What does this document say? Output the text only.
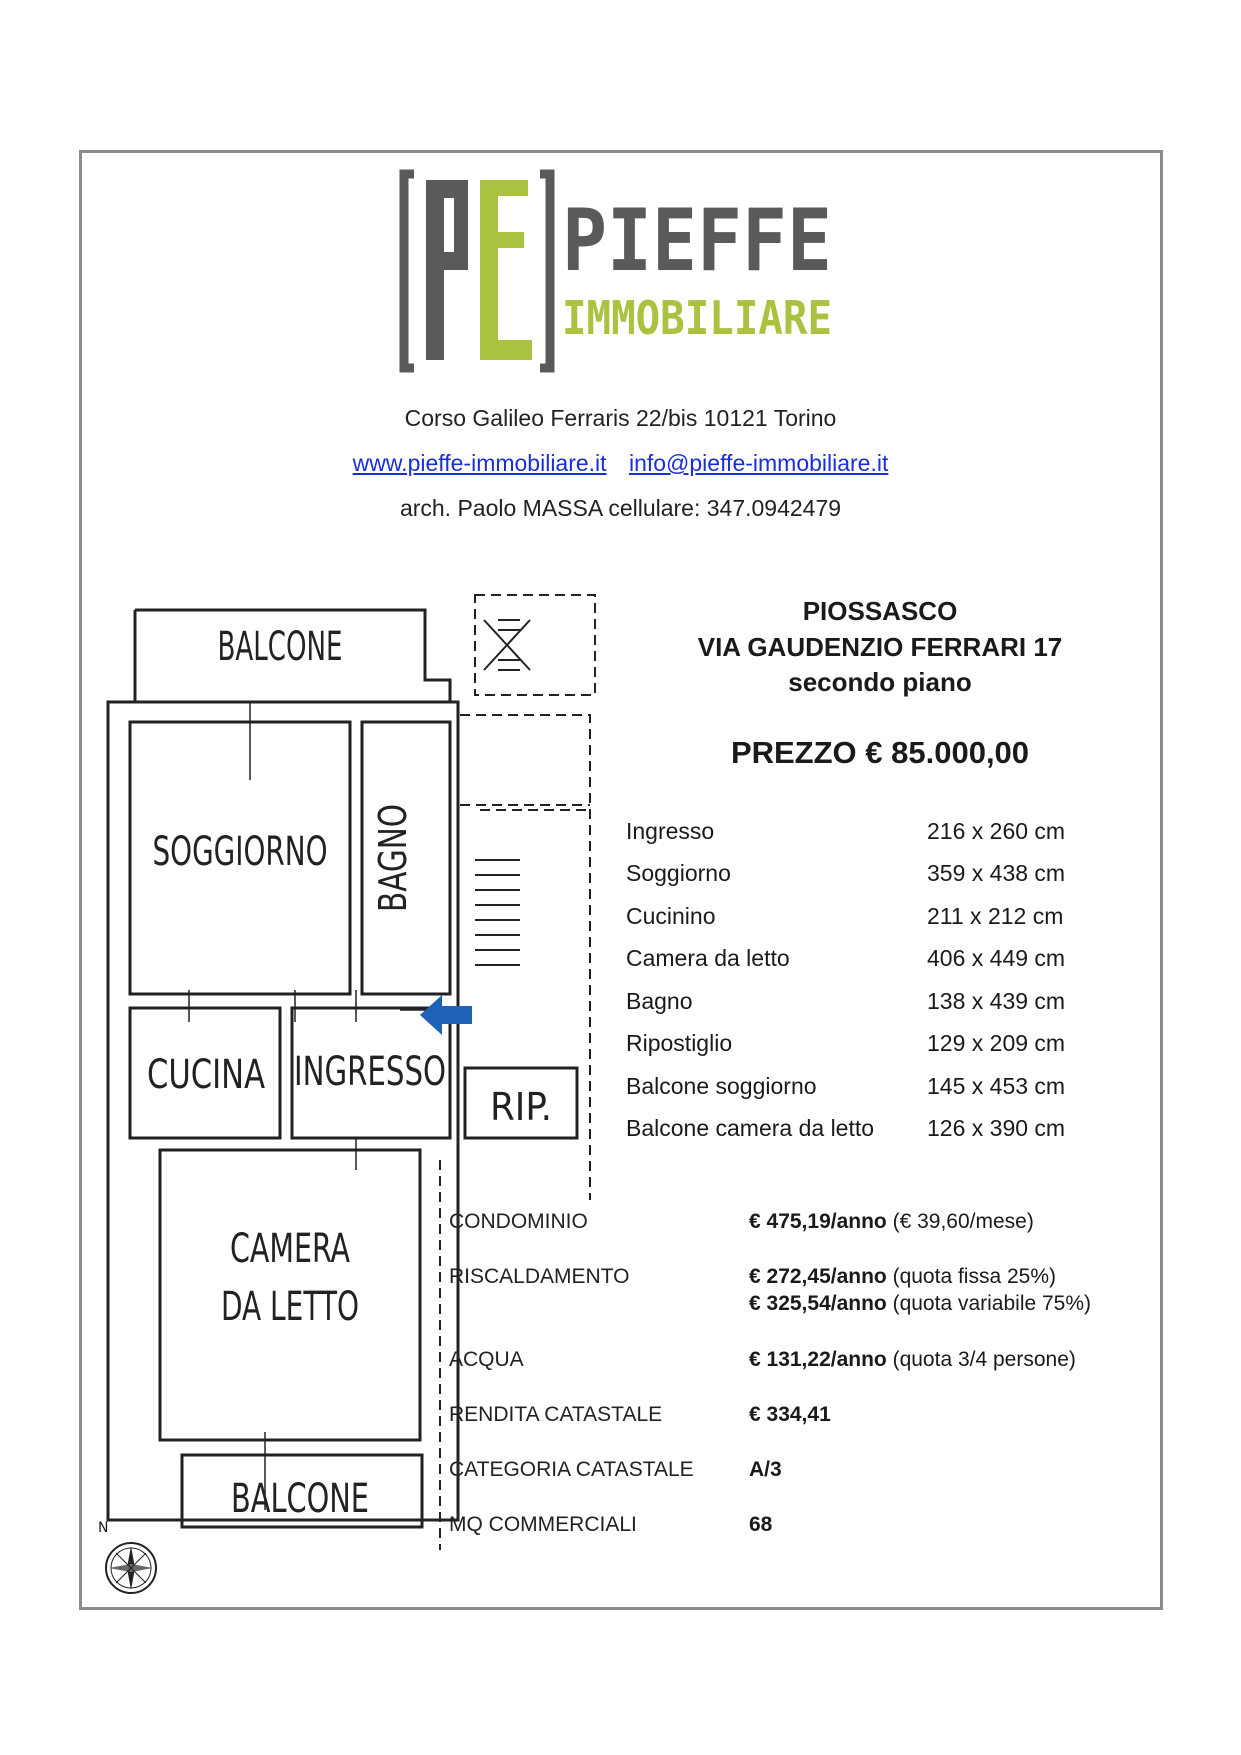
PIEFFE
IMMOBILIARE
Corso Galileo Ferraris 22/bis 10121 Torino
www.pieffe-immobiliare.it info@pieffe-immobiliare.it
arch. Paolo MASSA cellulare: 347.0942479
BALCONE
SOGGIORNO BAGNO
CUCINA INGRESSO
RIP.
CAMERA
DA LETTO
BALCONE
PIOSSASCO
VIA GAUDENZIO FERRARI 17
secondo piano
PREZZO € 85.000,00
Ingresso	216 x 260 cm
Soggiorno	359 x 438 cm
Cucinino	211 x 212 cm
Camera da letto	406 x 449 cm
Bagno	138 x 439 cm
Ripostiglio	129 x 209 cm
Balcone soggiorno	145 x 453 cm
Balcone camera da letto 126 x 390 cm
CONDOMINIO	€ 475,19/anno (€ 39,60/mese)
RISCALDAMENTO	€ 272,45/anno (quota fissa 25%)
€ 325,54/anno (quota variabile 75%)
ACQUA	€ 131,22/anno (quota 3/4 persone)
RENDITA CATASTALE	€ 334,41
CATEGORIA CATASTALE	A/3
MQ COMMERCIALI	68
N
